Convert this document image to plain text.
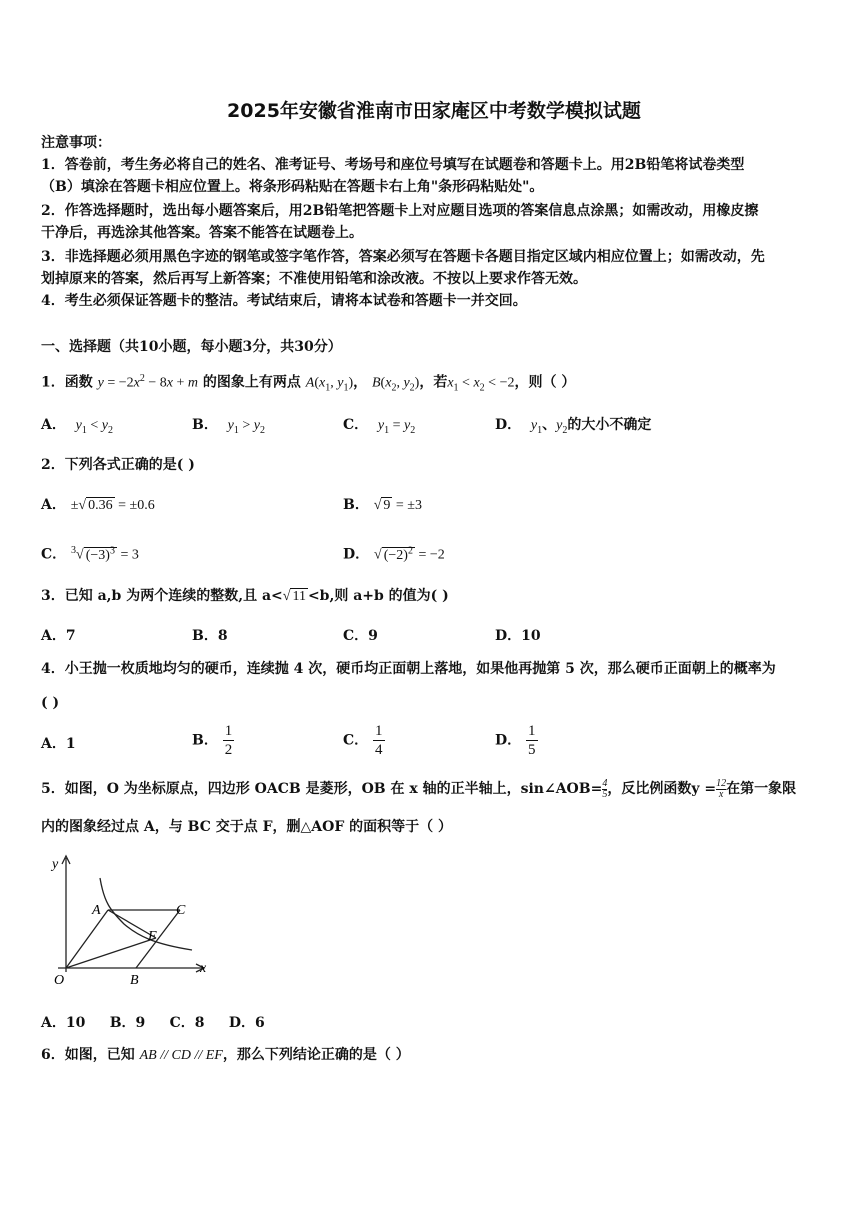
2025年安徽省淮南市田家庵区中考数学模拟试题
注意事项：
1．答卷前，考生务必将自己的姓名、准考证号、考场号和座位号填写在试题卷和答题卡上。用2B铅笔将试卷类型
（B）填涂在答题卡相应位置上。将条形码粘贴在答题卡右上角"条形码粘贴处"。
2．作答选择题时，选出每小题答案后，用2B铅笔把答题卡上对应题目选项的答案信息点涂黑；如需改动，用橡皮擦
干净后，再选涂其他答案。答案不能答在试题卷上。
3．非选择题必须用黑色字迹的钢笔或签字笔作答，答案必须写在答题卡各题目指定区域内相应位置上；如需改动，先
划掉原来的答案，然后再写上新答案；不准使用铅笔和涂改液。不按以上要求作答无效。
4．考生必须保证答题卡的整洁。考试结束后，请将本试卷和答题卡一并交回。
一、选择题（共10小题，每小题3分，共30分）
1．函数 $y = -2x^2 - 8x + m$ 的图象上有两点 $A(x_1$, $y_1$)， $B(x_2$, $y_2$)，若$x_1 < x_2 < -2$，则（ ）
A． $y_1 < y_2$	B． $y_1 > y_2$	C． $y_1 = y_2$	D． $y_1$、$y_2$的大小不确定
2．下列各式正确的是( )
A． ±√ 0.36 = ±0.6	B． √ 9 = ±3
C． $^3$√ $(-3)^3 = 3$	D． √ $(-2)^2 = -2$
3．已知 a,b 为两个连续的整数,且 a<√ 11 <b,则 a+b 的值为( )
A．7	B．8	C．9	D．10
4．小王抛一枚质地均匀的硬币，连续抛 4 次，硬币均正面朝上落地，如果他再抛第 5 次，那么硬币正面朝上的概率为
( )
A．1	B． $\frac{1}{2}$	C． $\frac{1}{4}$	D． $\frac{1}{5}$
5．如图，O 为坐标原点，四边形 OACB 是菱形，OB 在 x 轴的正半轴上，sin∠AOB= $\frac{4}{5}$ ，反比例函数$y = \frac{12}{x}$ 在第一象限
内的图象经过点 A，与 BC 交于点 F，删△AOF 的面积等于（ ）
y
x
O
A
B
C
F
A．10     B．9     C．8     D．6
6．如图，已知 AB // CD // EF，那么下列结论正确的是（ ）
